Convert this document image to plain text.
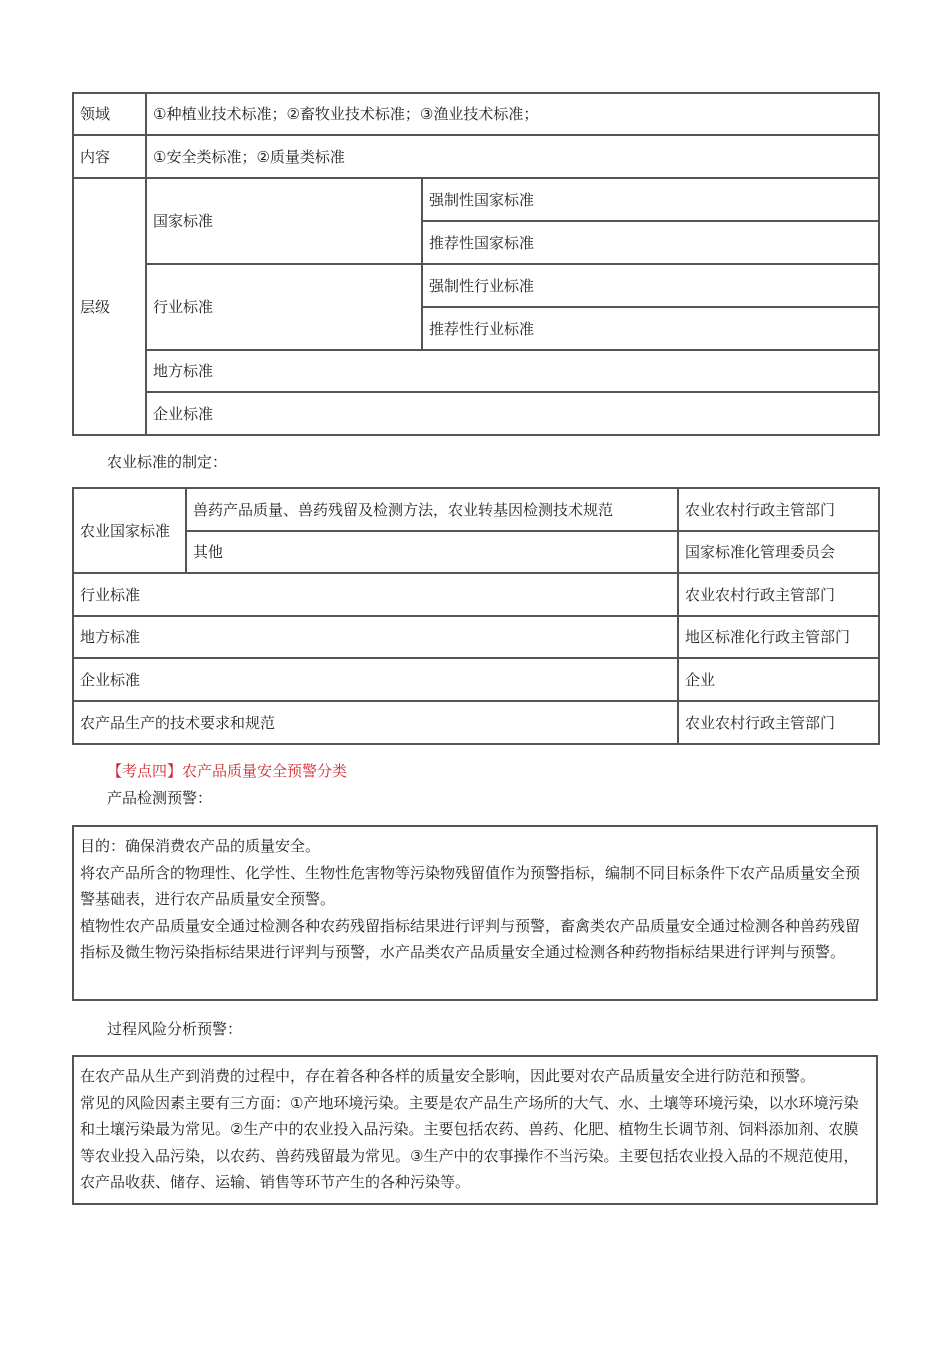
领域	①种植业技术标准；②畜牧业技术标准；③渔业技术标准；	
内容	①安全类标准；②质量类标准	
层级	国家标准	强制性国家标准
		推荐性国家标准
	行业标准	强制性行业标准
		推荐性行业标准
	地方标准	
	企业标准	
农业标准的制定：
农业国家标准	兽药产品质量、兽药残留及检测方法，农业转基因检测技术规范	农业农村行政主管部门
	其他	国家标准化管理委员会
行业标准		农业农村行政主管部门
地方标准		地区标准化行政主管部门
企业标准		企业
农产品生产的技术要求和规范		农业农村行政主管部门
【考点四】农产品质量安全预警分类
产品检测预警：

目的：确保消费农产品的质量安全。

将农产品所含的物理性、化学性、生物性危害物等污染物残留值作为预警指标，编制不同目标条件下农产品质量安全预警基础表，进行农产品质量安全预警。

植物性农产品质量安全通过检测各种农药残留指标结果进行评判与预警，畜禽类农产品质量安全通过检测各种兽药残留指标及微生物污染指标结果进行评判与预警，水产品类农产品质量安全通过检测各种药物指标结果进行评判与预警。

过程风险分析预警：

在农产品从生产到消费的过程中，存在着各种各样的质量安全影响，因此要对农产品质量安全进行防范和预警。

常见的风险因素主要有三方面：①产地环境污染。主要是农产品生产场所的大气、水、土壤等环境污染，以水环境污染和土壤污染最为常见。②生产中的农业投入品污染。主要包括农药、兽药、化肥、植物生长调节剂、饲料添加剂、农膜等农业投入品污染，以农药、兽药残留最为常见。③生产中的农事操作不当污染。主要包括农业投入品的不规范使用，农产品收获、储存、运输、销售等环节产生的各种污染等。
